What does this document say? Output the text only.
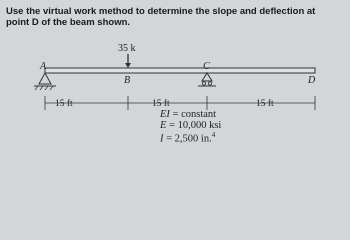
Use the virtual work method to determine the slope and deflection at point D of the beam shown.
35 k
A
B
C
D
15 ft	15 ft	15 ft
EI = constant
E = 10,000 ksi
I = 2,500 in.$^4$
